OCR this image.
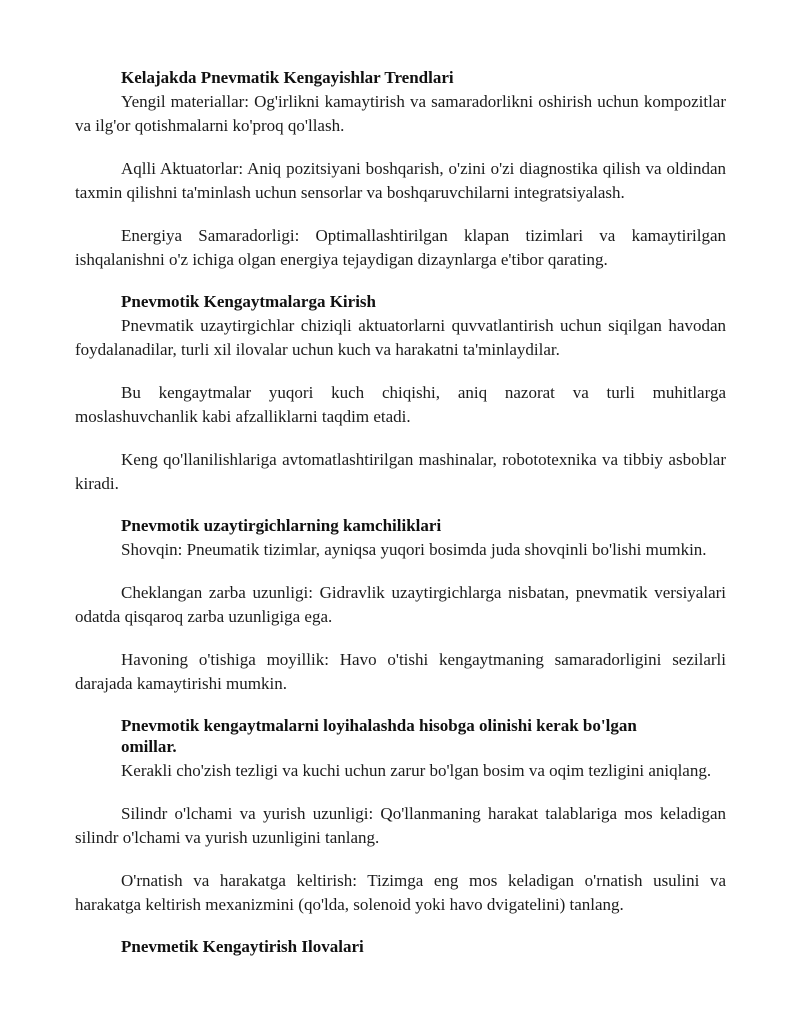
Kelajakda Pnevmatik Kengayishlar Trendlari

Yengil materiallar: Og'irlikni kamaytirish va samaradorlikni oshirish uchun kompozitlar va ilg'or qotishmalarni ko'proq qo'llash.

Aqlli Aktuatorlar: Aniq pozitsiyani boshqarish, o'zini o'zi diagnostika qilish va oldindan taxmin qilishni ta'minlash uchun sensorlar va boshqaruvchilarni integratsiyalash.

Energiya Samaradorligi: Optimallashtirilgan klapan tizimlari va kamaytirilgan ishqalanishni o'z ichiga olgan energiya tejaydigan dizaynlarga e'tibor qarating.

Pnevmotik Kengaytmalarga Kirish

Pnevmatik uzaytirgichlar chiziqli aktuatorlarni quvvatlantirish uchun siqilgan havodan foydalanadilar, turli xil ilovalar uchun kuch va harakatni ta'minlaydilar.

Bu kengaytmalar yuqori kuch chiqishi, aniq nazorat va turli muhitlarga moslashuvchanlik kabi afzalliklarni taqdim etadi.

Keng qo'llanilishlariga avtomatlashtirilgan mashinalar, robototexnika va tibbiy asboblar kiradi.

Pnevmotik uzaytirgichlarning kamchiliklari

Shovqin: Pneumatik tizimlar, ayniqsa yuqori bosimda juda shovqinli bo'lishi mumkin.

Cheklangan zarba uzunligi: Gidravlik uzaytirgichlarga nisbatan, pnevmatik versiyalari odatda qisqaroq zarba uzunligiga ega.

Havoning o'tishiga moyillik: Havo o'tishi kengaytmaning samaradorligini sezilarli darajada kamaytirishi mumkin.

Pnevmotik kengaytmalarni loyihalashda hisobga olinishi kerak bo'lgan omillar.

Kerakli cho'zish tezligi va kuchi uchun zarur bo'lgan bosim va oqim tezligini aniqlang.

Silindr o'lchami va yurish uzunligi: Qo'llanmaning harakat talablariga mos keladigan silindr o'lchami va yurish uzunligini tanlang.

O'rnatish va harakatga keltirish: Tizimga eng mos keladigan o'rnatish usulini va harakatga keltirish mexanizmini (qo'lda, solenoid yoki havo dvigatelini) tanlang.

Pnevmetik Kengaytirish Ilovalari
